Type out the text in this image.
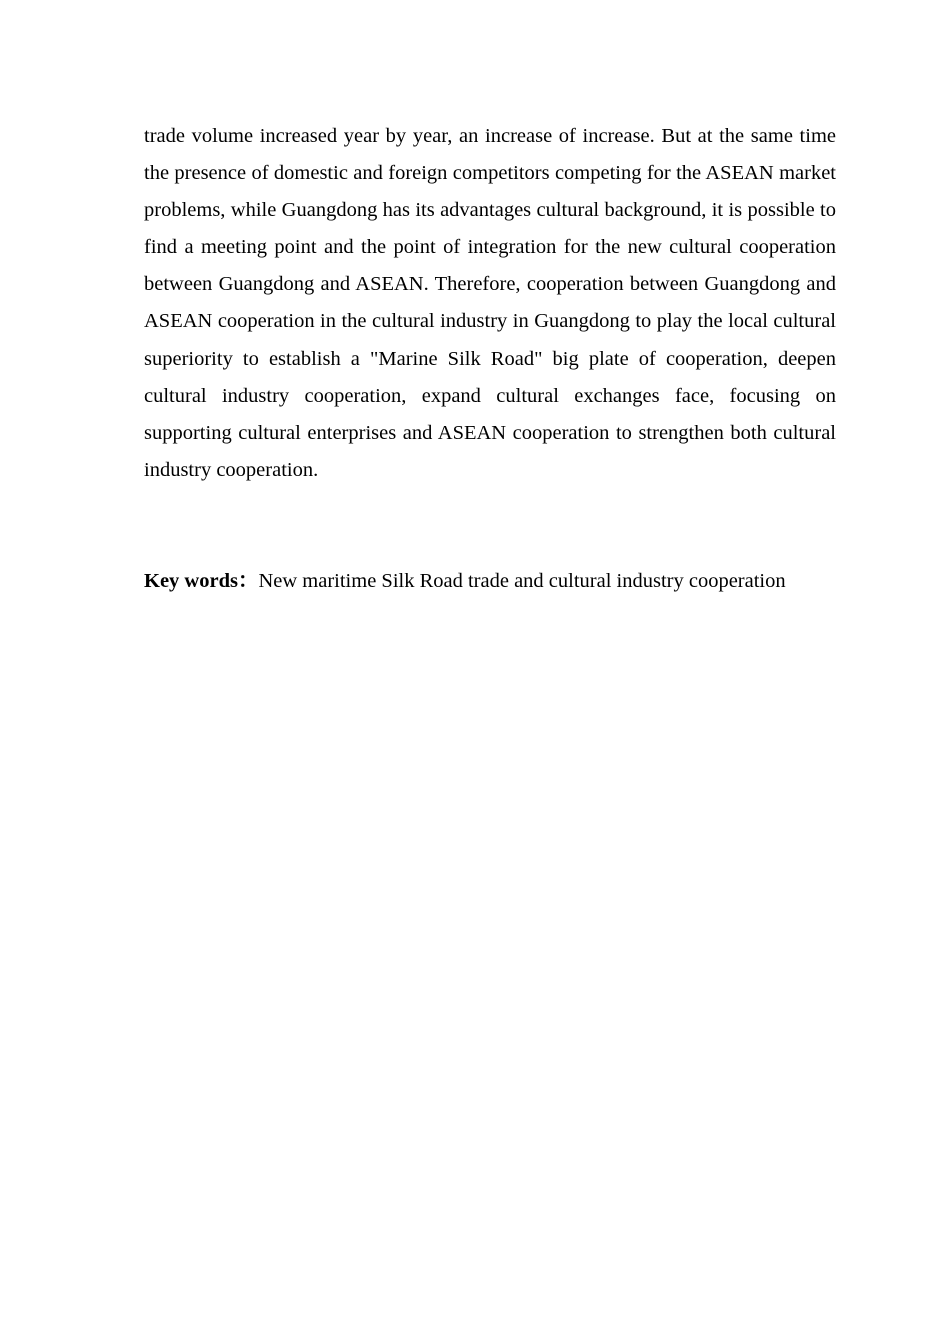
trade volume increased year by year, an increase of increase. But at the same time the presence of domestic and foreign competitors competing for the ASEAN market problems, while Guangdong has its advantages cultural background, it is possible to find a meeting point and the point of integration for the new cultural cooperation between Guangdong and ASEAN. Therefore, cooperation between Guangdong and ASEAN cooperation in the cultural industry in Guangdong to play the local cultural superiority to establish a "Marine Silk Road" big plate of cooperation, deepen cultural industry cooperation, expand cultural exchanges face, focusing on supporting cultural enterprises and ASEAN cooperation to strengthen both cultural industry cooperation.

Key words：New maritime Silk Road trade and cultural industry cooperation
